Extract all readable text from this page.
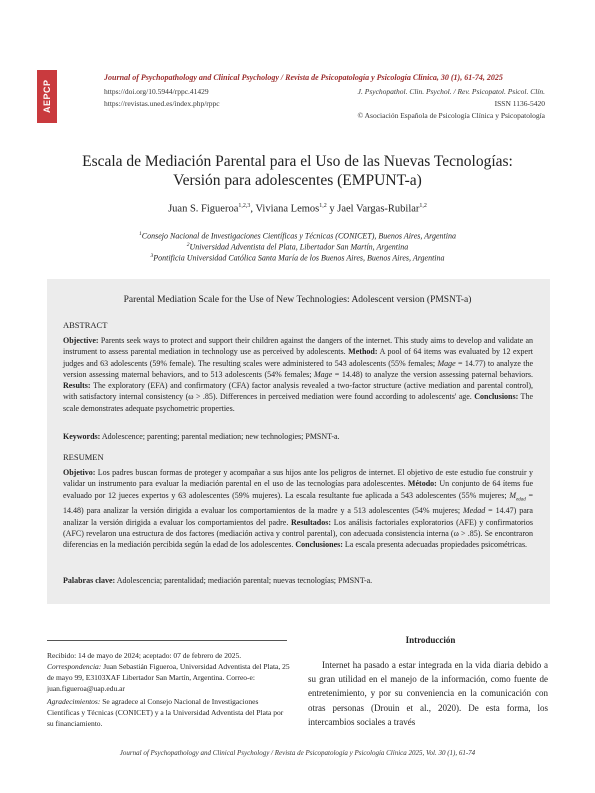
AEPCP
Journal of Psychopathology and Clinical Psychology / Revista de Psicopatología y Psicología Clínica, 30 (1), 61-74, 2025
https://doi.org/10.5944/rppc.41429
https://revistas.uned.es/index.php/rppc
J. Psychopathol. Clin. Psychol. / Rev. Psicopatol. Psicol. Clín.
ISSN 1136-5420
© Asociación Española de Psicología Clínica y Psicopatología
Escala de Mediación Parental para el Uso de las Nuevas Tecnologías:
Versión para adolescentes (EMPUNT-a)
Juan S. Figueroa$^{1,2,3}$, Viviana Lemos$^{1,2}$ y Jael Vargas-Rubilar$^{1,2}$
$^1$Consejo Nacional de Investigaciones Científicas y Técnicas (CONICET), Buenos Aires, Argentina
$^2$Universidad Adventista del Plata, Libertador San Martín, Argentina
$^3$Pontificia Universidad Católica Santa María de los Buenos Aires, Buenos Aires, Argentina
Parental Mediation Scale for the Use of New Technologies: Adolescent version (PMSNT-a)
ABSTRACT
Objective: Parents seek ways to protect and support their children against the dangers of the internet. This study aims to develop and validate an instrument to assess parental mediation in technology use as perceived by adolescents. Method: A pool of 64 items was evaluated by 12 expert judges and 63 adolescents (59% female). The resulting scales were administered to 543 adolescents (55% females; Mage = 14.77) to analyze the version assessing maternal behaviors, and to 513 adolescents (54% females; Mage = 14.48) to analyze the version assessing paternal behaviors. Results: The exploratory (EFA) and confirmatory (CFA) factor analysis revealed a two-factor structure (active mediation and parental control), with satisfactory internal consistency (ω > .85). Differences in perceived mediation were found according to adolescents' age. Conclusions: The scale demonstrates adequate psychometric properties.
Keywords: Adolescence; parenting; parental mediation; new technologies; PMSNT-a.
RESUMEN
Objetivo: Los padres buscan formas de proteger y acompañar a sus hijos ante los peligros de internet. El objetivo de este estudio fue construir y validar un instrumento para evaluar la mediación parental en el uso de las tecnologías para adolescentes. Método: Un conjunto de 64 ítems fue evaluado por 12 jueces expertos y 63 adolescentes (59% mujeres). La escala resultante fue aplicada a 543 adolescentes (55% mujeres; $M_{edad} = 14.48$) para analizar la versión dirigida a evaluar los comportamientos de la madre y a 513 adolescentes (54% mujeres; Medad = 14.47) para analizar la versión dirigida a evaluar los comportamientos del padre. Resultados: Los análisis factoriales exploratorios (AFE) y confirmatorios (AFC) revelaron una estructura de dos factores (mediación activa y control parental), con adecuada consistencia interna (ω > .85). Se encontraron diferencias en la mediación percibida según la edad de los adolescentes. Conclusiones: La escala presenta adecuadas propiedades psicométricas.
Palabras clave: Adolescencia; parentalidad; mediación parental; nuevas tecnologías; PMSNT-a.
Recibido: 14 de mayo de 2024; aceptado: 07 de febrero de 2025.
Correspondencia: Juan Sebastián Figueroa, Universidad Adventista del Plata, 25 de mayo 99, E3103XAF Libertador San Martín, Argentina. Correo-e: juan.figueroa@uap.edu.ar
Agradecimientos: Se agradece al Consejo Nacional de Investigaciones Científicas y Técnicas (CONICET) y a la Universidad Adventista del Plata por su financiamiento.
Introducción
Internet ha pasado a estar integrada en la vida diaria debido a su gran utilidad en el manejo de la información, como fuente de entretenimiento, y por su conveniencia en la comunicación con otras personas (Drouin et al., 2020). De esta forma, los intercambios sociales a través
Journal of Psychopathology and Clinical Psychology / Revista de Psicopatología y Psicología Clínica 2025, Vol. 30 (1), 61-74
